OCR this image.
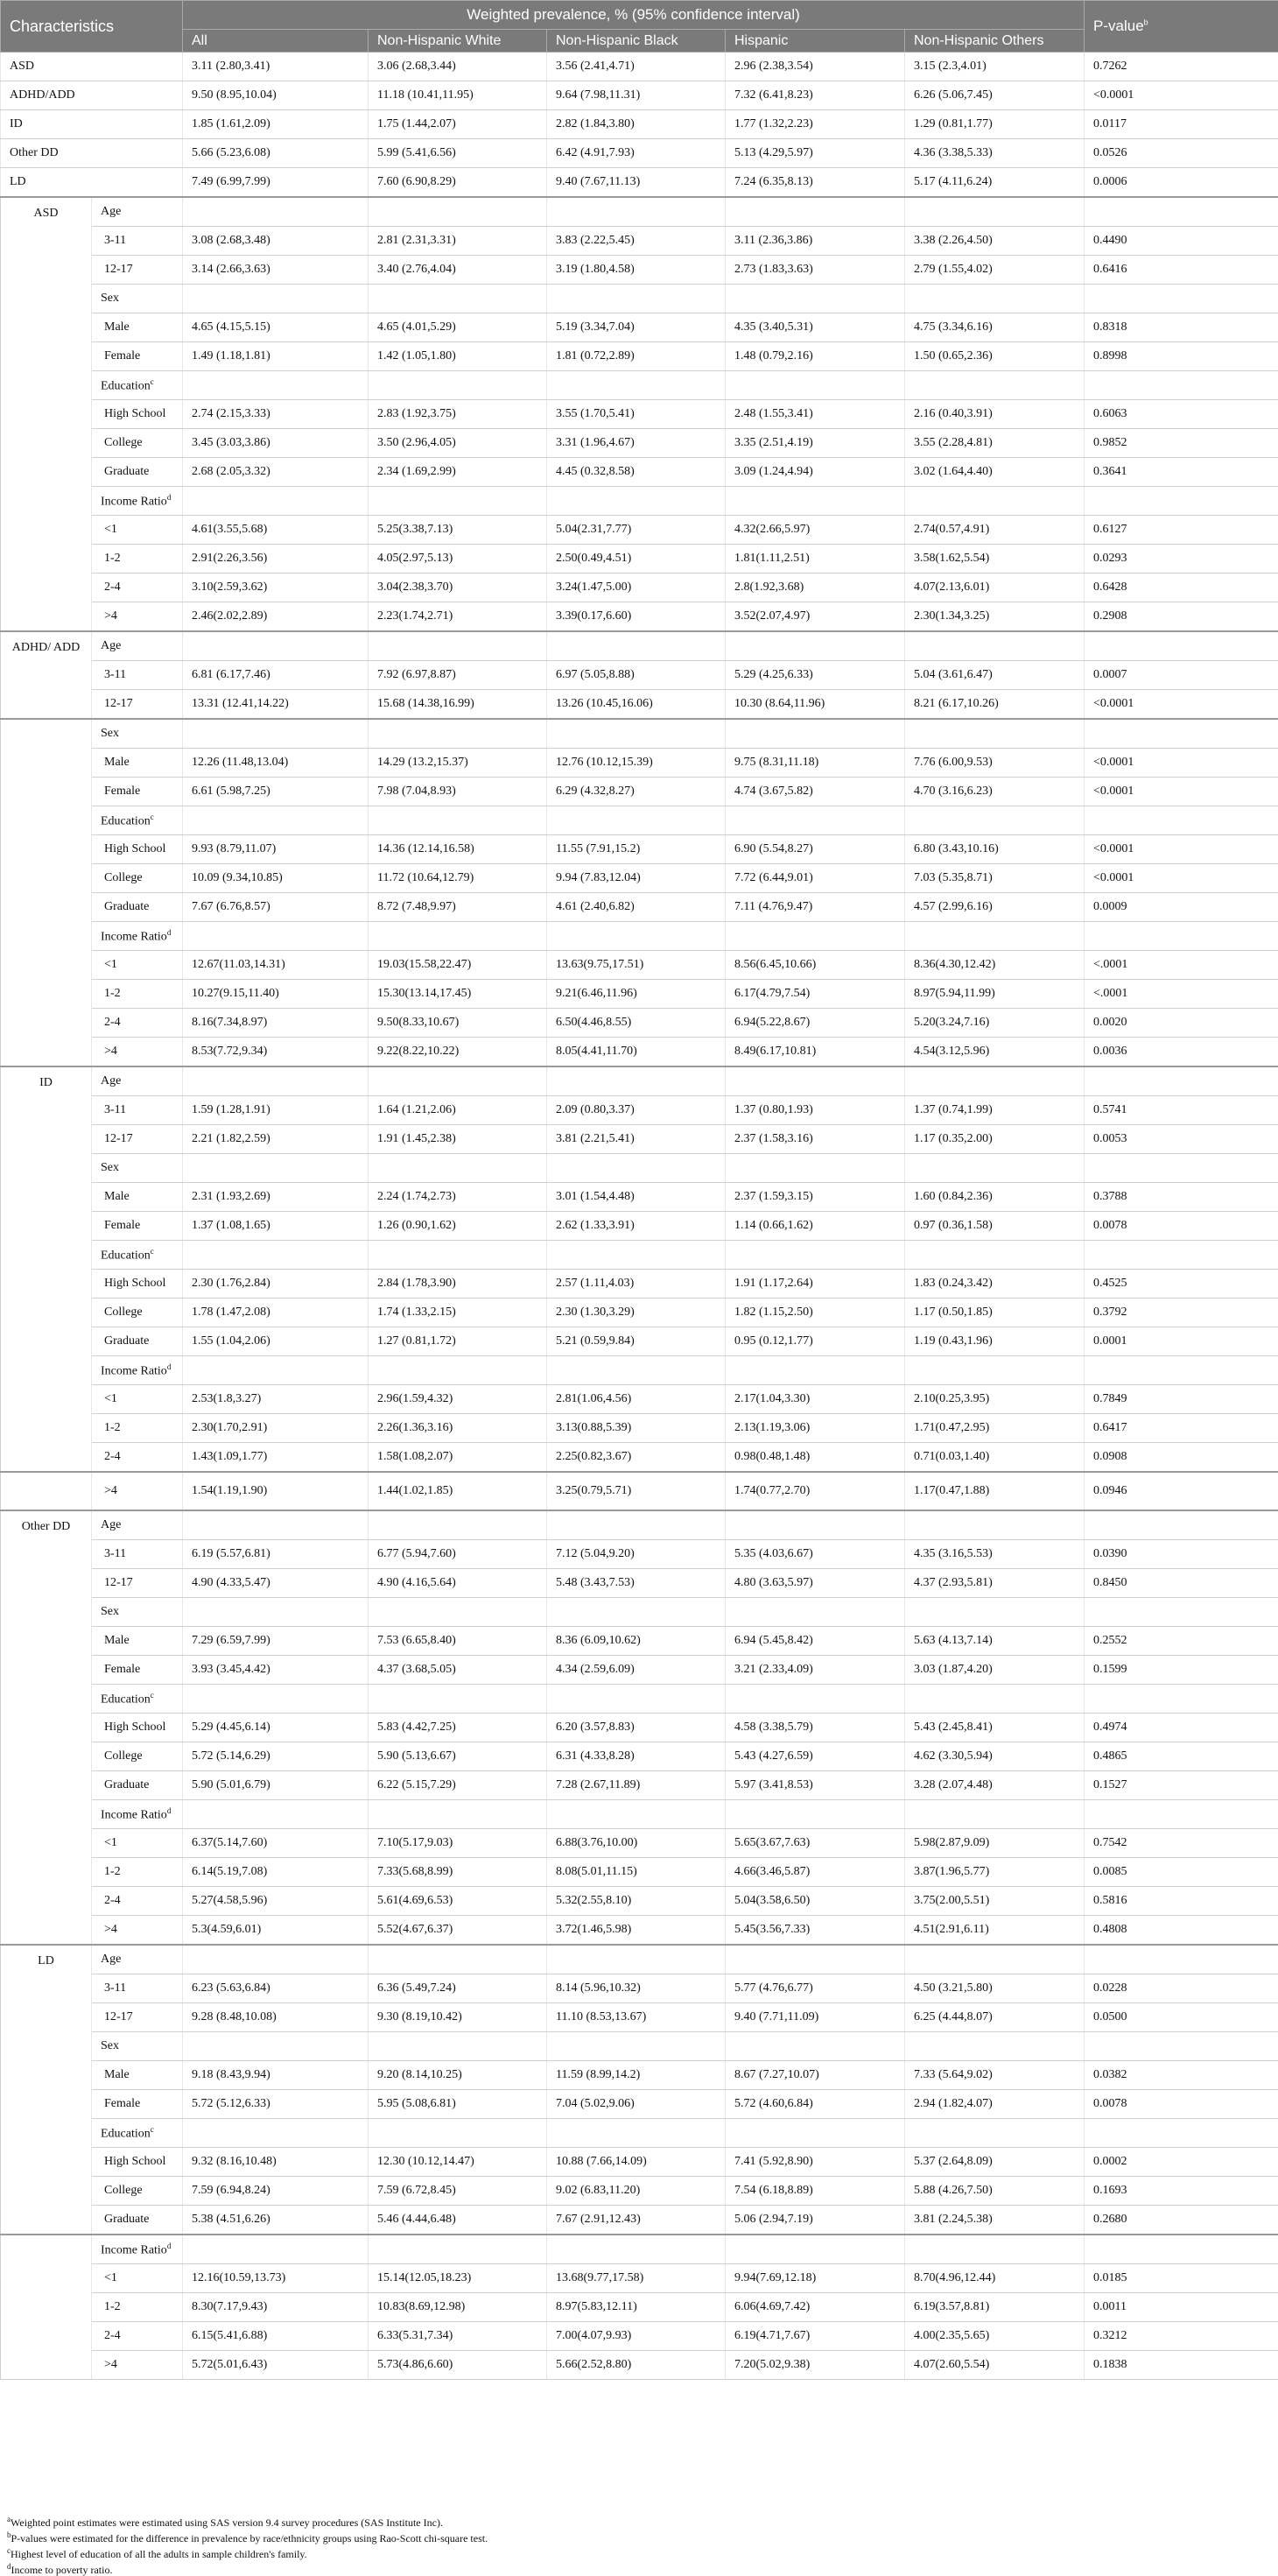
Characteristics		Weighted prevalence, % (95% confidence interval)					P-value$^b$
		All	Non-Hispanic White	Non-Hispanic Black	Hispanic	Non-Hispanic Others	
ASD		3.11 (2.80,3.41)	3.06 (2.68,3.44)	3.56 (2.41,4.71)	2.96 (2.38,3.54)	3.15 (2.3,4.01)	0.7262
ADHD/ADD		9.50 (8.95,10.04)	11.18 (10.41,11.95)	9.64 (7.98,11.31)	7.32 (6.41,8.23)	6.26 (5.06,7.45)	<0.0001
ID		1.85 (1.61,2.09)	1.75 (1.44,2.07)	2.82 (1.84,3.80)	1.77 (1.32,2.23)	1.29 (0.81,1.77)	0.0117
Other DD		5.66 (5.23,6.08)	5.99 (5.41,6.56)	6.42 (4.91,7.93)	5.13 (4.29,5.97)	4.36 (3.38,5.33)	0.0526
LD		7.49 (6.99,7.99)	7.60 (6.90,8.29)	9.40 (7.67,11.13)	7.24 (6.35,8.13)	5.17 (4.11,6.24)	0.0006
ASD	Age						
	3-11	3.08 (2.68,3.48)	2.81 (2.31,3.31)	3.83 (2.22,5.45)	3.11 (2.36,3.86)	3.38 (2.26,4.50)	0.4490
	12-17	3.14 (2.66,3.63)	3.40 (2.76,4.04)	3.19 (1.80,4.58)	2.73 (1.83,3.63)	2.79 (1.55,4.02)	0.6416
	Sex						
	Male	4.65 (4.15,5.15)	4.65 (4.01,5.29)	5.19 (3.34,7.04)	4.35 (3.40,5.31)	4.75 (3.34,6.16)	0.8318
	Female	1.49 (1.18,1.81)	1.42 (1.05,1.80)	1.81 (0.72,2.89)	1.48 (0.79,2.16)	1.50 (0.65,2.36)	0.8998
	Education$^c$						
	High School	2.74 (2.15,3.33)	2.83 (1.92,3.75)	3.55 (1.70,5.41)	2.48 (1.55,3.41)	2.16 (0.40,3.91)	0.6063
	College	3.45 (3.03,3.86)	3.50 (2.96,4.05)	3.31 (1.96,4.67)	3.35 (2.51,4.19)	3.55 (2.28,4.81)	0.9852
	Graduate	2.68 (2.05,3.32)	2.34 (1.69,2.99)	4.45 (0.32,8.58)	3.09 (1.24,4.94)	3.02 (1.64,4.40)	0.3641
	Income Ratio$^d$						
	<1	4.61(3.55,5.68)	5.25(3.38,7.13)	5.04(2.31,7.77)	4.32(2.66,5.97)	2.74(0.57,4.91)	0.6127
	1-2	2.91(2.26,3.56)	4.05(2.97,5.13)	2.50(0.49,4.51)	1.81(1.11,2.51)	3.58(1.62,5.54)	0.0293
	2-4	3.10(2.59,3.62)	3.04(2.38,3.70)	3.24(1.47,5.00)	2.8(1.92,3.68)	4.07(2.13,6.01)	0.6428
	>4	2.46(2.02,2.89)	2.23(1.74,2.71)	3.39(0.17,6.60)	3.52(2.07,4.97)	2.30(1.34,3.25)	0.2908
ADHD/ ADD	Age						
	3-11	6.81 (6.17,7.46)	7.92 (6.97,8.87)	6.97 (5.05,8.88)	5.29 (4.25,6.33)	5.04 (3.61,6.47)	0.0007
	12-17	13.31 (12.41,14.22)	15.68 (14.38,16.99)	13.26 (10.45,16.06)	10.30 (8.64,11.96)	8.21 (6.17,10.26)	<0.0001
	Sex						
	Male	12.26 (11.48,13.04)	14.29 (13.2,15.37)	12.76 (10.12,15.39)	9.75 (8.31,11.18)	7.76 (6.00,9.53)	<0.0001
	Female	6.61 (5.98,7.25)	7.98 (7.04,8.93)	6.29 (4.32,8.27)	4.74 (3.67,5.82)	4.70 (3.16,6.23)	<0.0001
	Education$^c$						
	High School	9.93 (8.79,11.07)	14.36 (12.14,16.58)	11.55 (7.91,15.2)	6.90 (5.54,8.27)	6.80 (3.43,10.16)	<0.0001
	College	10.09 (9.34,10.85)	11.72 (10.64,12.79)	9.94 (7.83,12.04)	7.72 (6.44,9.01)	7.03 (5.35,8.71)	<0.0001
	Graduate	7.67 (6.76,8.57)	8.72 (7.48,9.97)	4.61 (2.40,6.82)	7.11 (4.76,9.47)	4.57 (2.99,6.16)	0.0009
	Income Ratio$^d$						
	<1	12.67(11.03,14.31)	19.03(15.58,22.47)	13.63(9.75,17.51)	8.56(6.45,10.66)	8.36(4.30,12.42)	<.0001
	1-2	10.27(9.15,11.40)	15.30(13.14,17.45)	9.21(6.46,11.96)	6.17(4.79,7.54)	8.97(5.94,11.99)	<.0001
	2-4	8.16(7.34,8.97)	9.50(8.33,10.67)	6.50(4.46,8.55)	6.94(5.22,8.67)	5.20(3.24,7.16)	0.0020
	>4	8.53(7.72,9.34)	9.22(8.22,10.22)	8.05(4.41,11.70)	8.49(6.17,10.81)	4.54(3.12,5.96)	0.0036
ID	Age						
	3-11	1.59 (1.28,1.91)	1.64 (1.21,2.06)	2.09 (0.80,3.37)	1.37 (0.80,1.93)	1.37 (0.74,1.99)	0.5741
	12-17	2.21 (1.82,2.59)	1.91 (1.45,2.38)	3.81 (2.21,5.41)	2.37 (1.58,3.16)	1.17 (0.35,2.00)	0.0053
	Sex						
	Male	2.31 (1.93,2.69)	2.24 (1.74,2.73)	3.01 (1.54,4.48)	2.37 (1.59,3.15)	1.60 (0.84,2.36)	0.3788
	Female	1.37 (1.08,1.65)	1.26 (0.90,1.62)	2.62 (1.33,3.91)	1.14 (0.66,1.62)	0.97 (0.36,1.58)	0.0078
	Education$^c$						
	High School	2.30 (1.76,2.84)	2.84 (1.78,3.90)	2.57 (1.11,4.03)	1.91 (1.17,2.64)	1.83 (0.24,3.42)	0.4525
	College	1.78 (1.47,2.08)	1.74 (1.33,2.15)	2.30 (1.30,3.29)	1.82 (1.15,2.50)	1.17 (0.50,1.85)	0.3792
	Graduate	1.55 (1.04,2.06)	1.27 (0.81,1.72)	5.21 (0.59,9.84)	0.95 (0.12,1.77)	1.19 (0.43,1.96)	0.0001
	Income Ratio$^d$						
	<1	2.53(1.8,3.27)	2.96(1.59,4.32)	2.81(1.06,4.56)	2.17(1.04,3.30)	2.10(0.25,3.95)	0.7849
	1-2	2.30(1.70,2.91)	2.26(1.36,3.16)	3.13(0.88,5.39)	2.13(1.19,3.06)	1.71(0.47,2.95)	0.6417
	2-4	1.43(1.09,1.77)	1.58(1.08,2.07)	2.25(0.82,3.67)	0.98(0.48,1.48)	0.71(0.03,1.40)	0.0908
	>4	1.54(1.19,1.90)	1.44(1.02,1.85)	3.25(0.79,5.71)	1.74(0.77,2.70)	1.17(0.47,1.88)	0.0946
Other DD	Age						
	3-11	6.19 (5.57,6.81)	6.77 (5.94,7.60)	7.12 (5.04,9.20)	5.35 (4.03,6.67)	4.35 (3.16,5.53)	0.0390
	12-17	4.90 (4.33,5.47)	4.90 (4.16,5.64)	5.48 (3.43,7.53)	4.80 (3.63,5.97)	4.37 (2.93,5.81)	0.8450
	Sex						
	Male	7.29 (6.59,7.99)	7.53 (6.65,8.40)	8.36 (6.09,10.62)	6.94 (5.45,8.42)	5.63 (4.13,7.14)	0.2552
	Female	3.93 (3.45,4.42)	4.37 (3.68,5.05)	4.34 (2.59,6.09)	3.21 (2.33,4.09)	3.03 (1.87,4.20)	0.1599
	Education$^c$						
	High School	5.29 (4.45,6.14)	5.83 (4.42,7.25)	6.20 (3.57,8.83)	4.58 (3.38,5.79)	5.43 (2.45,8.41)	0.4974
	College	5.72 (5.14,6.29)	5.90 (5.13,6.67)	6.31 (4.33,8.28)	5.43 (4.27,6.59)	4.62 (3.30,5.94)	0.4865
	Graduate	5.90 (5.01,6.79)	6.22 (5.15,7.29)	7.28 (2.67,11.89)	5.97 (3.41,8.53)	3.28 (2.07,4.48)	0.1527
	Income Ratio$^d$						
	<1	6.37(5.14,7.60)	7.10(5.17,9.03)	6.88(3.76,10.00)	5.65(3.67,7.63)	5.98(2.87,9.09)	0.7542
	1-2	6.14(5.19,7.08)	7.33(5.68,8.99)	8.08(5.01,11.15)	4.66(3.46,5.87)	3.87(1.96,5.77)	0.0085
	2-4	5.27(4.58,5.96)	5.61(4.69,6.53)	5.32(2.55,8.10)	5.04(3.58,6.50)	3.75(2.00,5.51)	0.5816
	>4	5.3(4.59,6.01)	5.52(4.67,6.37)	3.72(1.46,5.98)	5.45(3.56,7.33)	4.51(2.91,6.11)	0.4808
LD	Age						
	3-11	6.23 (5.63,6.84)	6.36 (5.49,7.24)	8.14 (5.96,10.32)	5.77 (4.76,6.77)	4.50 (3.21,5.80)	0.0228
	12-17	9.28 (8.48,10.08)	9.30 (8.19,10.42)	11.10 (8.53,13.67)	9.40 (7.71,11.09)	6.25 (4.44,8.07)	0.0500
	Sex						
	Male	9.18 (8.43,9.94)	9.20 (8.14,10.25)	11.59 (8.99,14.2)	8.67 (7.27,10.07)	7.33 (5.64,9.02)	0.0382
	Female	5.72 (5.12,6.33)	5.95 (5.08,6.81)	7.04 (5.02,9.06)	5.72 (4.60,6.84)	2.94 (1.82,4.07)	0.0078
	Education$^c$						
	High School	9.32 (8.16,10.48)	12.30 (10.12,14.47)	10.88 (7.66,14.09)	7.41 (5.92,8.90)	5.37 (2.64,8.09)	0.0002
	College	7.59 (6.94,8.24)	7.59 (6.72,8.45)	9.02 (6.83,11.20)	7.54 (6.18,8.89)	5.88 (4.26,7.50)	0.1693
	Graduate	5.38 (4.51,6.26)	5.46 (4.44,6.48)	7.67 (2.91,12.43)	5.06 (2.94,7.19)	3.81 (2.24,5.38)	0.2680
	Income Ratio$^d$						
	<1	12.16(10.59,13.73)	15.14(12.05,18.23)	13.68(9.77,17.58)	9.94(7.69,12.18)	8.70(4.96,12.44)	0.0185
	1-2	8.30(7.17,9.43)	10.83(8.69,12.98)	8.97(5.83,12.11)	6.06(4.69,7.42)	6.19(3.57,8.81)	0.0011
	2-4	6.15(5.41,6.88)	6.33(5.31,7.34)	7.00(4.07,9.93)	6.19(4.71,7.67)	4.00(2.35,5.65)	0.3212
	>4	5.72(5.01,6.43)	5.73(4.86,6.60)	5.66(2.52,8.80)	7.20(5.02,9.38)	4.07(2.60,5.54)	0.1838
$^a$Weighted point estimates were estimated using SAS version 9.4 survey procedures (SAS Institute Inc).
$^b$P-values were estimated for the difference in prevalence by race/ethnicity groups using Rao-Scott chi-square test.
$^c$Highest level of education of all the adults in sample children's family.
$^d$Income to poverty ratio.
